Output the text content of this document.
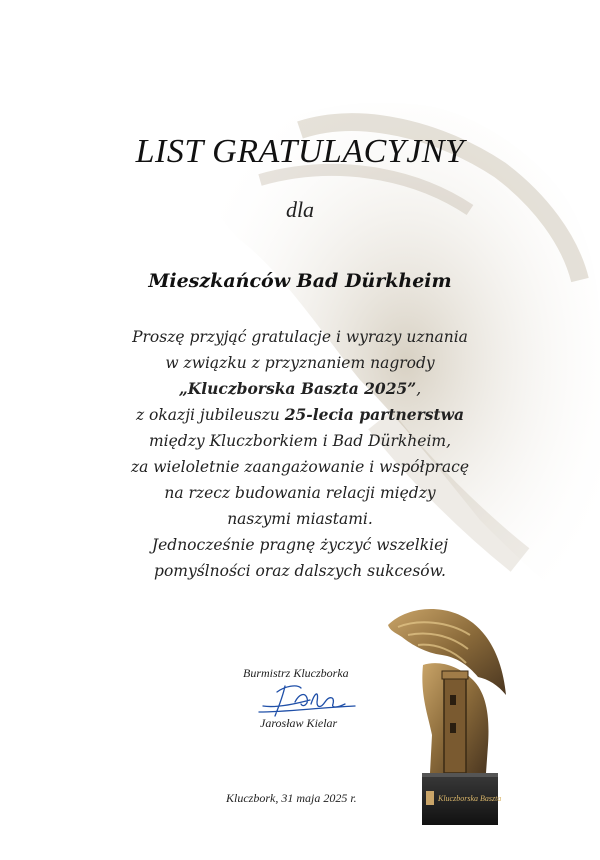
LIST GRATULACYJNY
dla
Mieszkańców Bad Dürkheim
Proszę przyjąć gratulacje i wyrazy uznania
w związku z przyznaniem nagrody
„Kluczborska Baszta 2025”,
z okazji jubileuszu 25-lecia partnerstwa
między Kluczborkiem i Bad Dürkheim,
za wieloletnie zaangażowanie i współpracę
na rzecz budowania relacji między
naszymi miastami.
Jednocześnie pragnę życzyć wszelkiej
pomyślności oraz dalszych sukcesów.
Burmistrz Kluczborka
Jarosław Kielar
Kluczbork, 31 maja 2025 r.	Kluczborska Baszta
